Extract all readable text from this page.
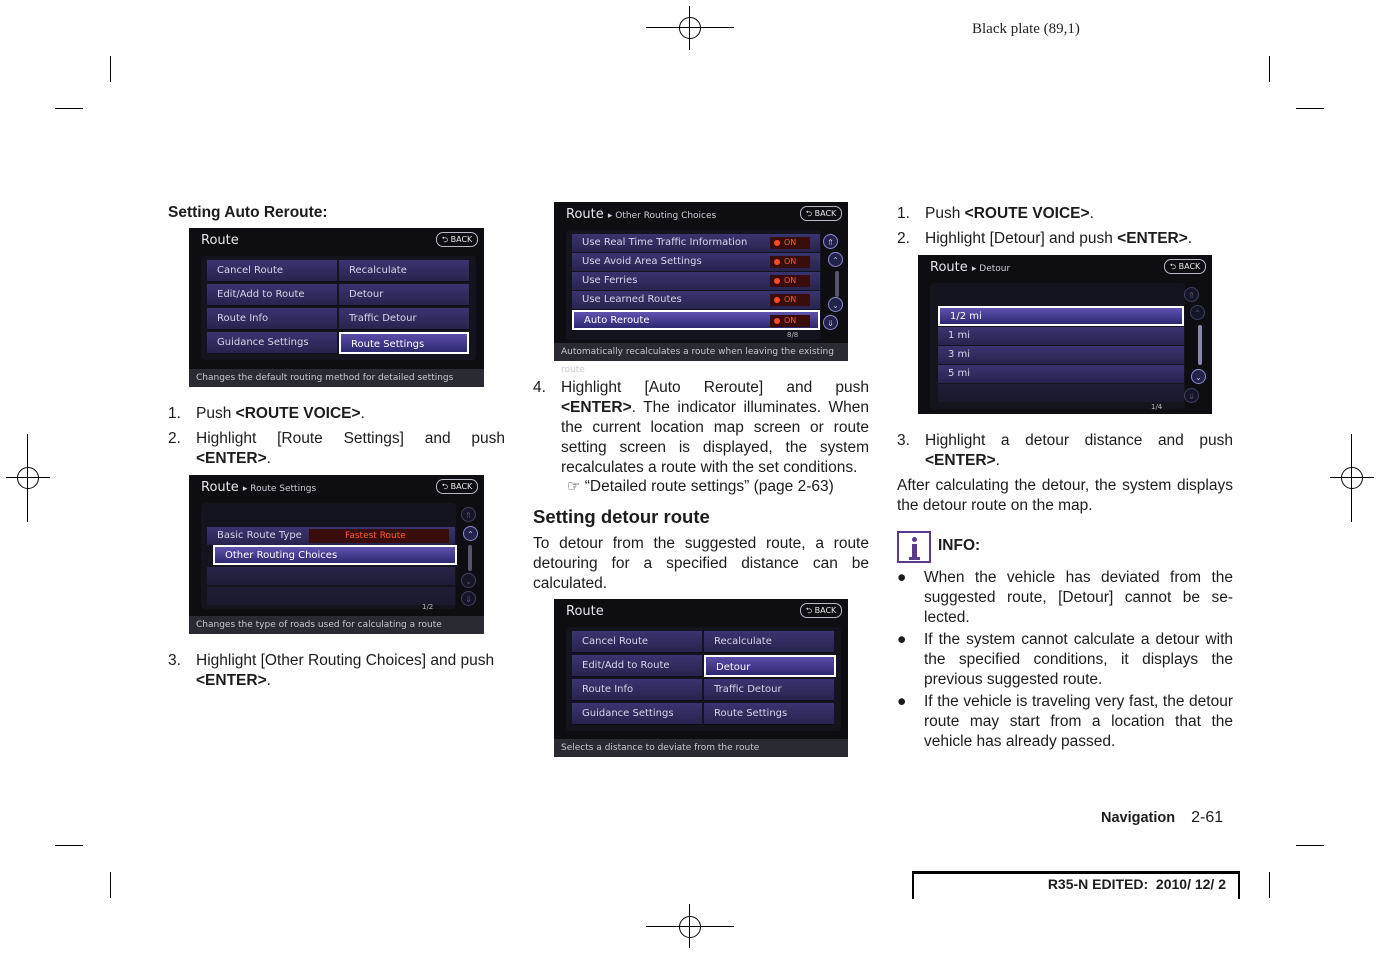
Black plate (89,1)
Setting Auto Reroute:
Route	⮌ BACK
Cancel Route	Recalculate
Edit/Add to Route	Detour
Route Info	Traffic Detour
Guidance Settings	Route Settings
Changes the default routing method for detailed settings
1. Push <ROUTE VOICE>.
2. Highlight [Route Settings] and push <ENTER>.
Route ▸ Route Settings	⮌ BACK
Basic Route Type	Fastest Route
Other Routing Choices
⇑
⌃
⌄
⇓
1/2
Changes the type of roads used for calculating a route
3. Highlight [Other Routing Choices] and push <ENTER>.
Route ▸ Other Routing Choices	⮌ BACK
Use Real Time Traffic Information	ON
Use Avoid Area Settings	ON
Use Ferries	ON
Use Learned Routes	ON
Auto Reroute	ON
⇑
⌃
⌄
⇓
8/8
Automatically recalculates a route when leaving the existing route
4. Highlight [Auto Reroute] and push <ENTER>. The indicator illuminates. When the current location map screen or route setting screen is displayed, the system recalculates a route with the set conditions.
☞ “Detailed route settings” (page 2-63)
Setting detour route
To detour from the suggested route, a route detouring for a specified distance can be calculated.
Route	⮌ BACK
Cancel Route	Recalculate
Edit/Add to Route	Detour
Route Info	Traffic Detour
Guidance Settings	Route Settings
Selects a distance to deviate from the route
1. Push <ROUTE VOICE>.
2. Highlight [Detour] and push <ENTER>.
Route ▸ Detour	⮌ BACK
1/2 mi
1 mi
3 mi
5 mi
⇑
⌃
⌄
⇓
1/4
3. Highlight a detour distance and push <ENTER>.
After calculating the detour, the system displays the detour route on the map.
INFO:
● When the vehicle has deviated from the suggested route, [Detour] cannot be se- lected.
● If the system cannot calculate a detour with the specified conditions, it displays the previous suggested route.
● If the vehicle is traveling very fast, the detour route may start from a location that the vehicle has already passed.
Navigation 2-61
R35-N EDITED:  2010/ 12/ 2
